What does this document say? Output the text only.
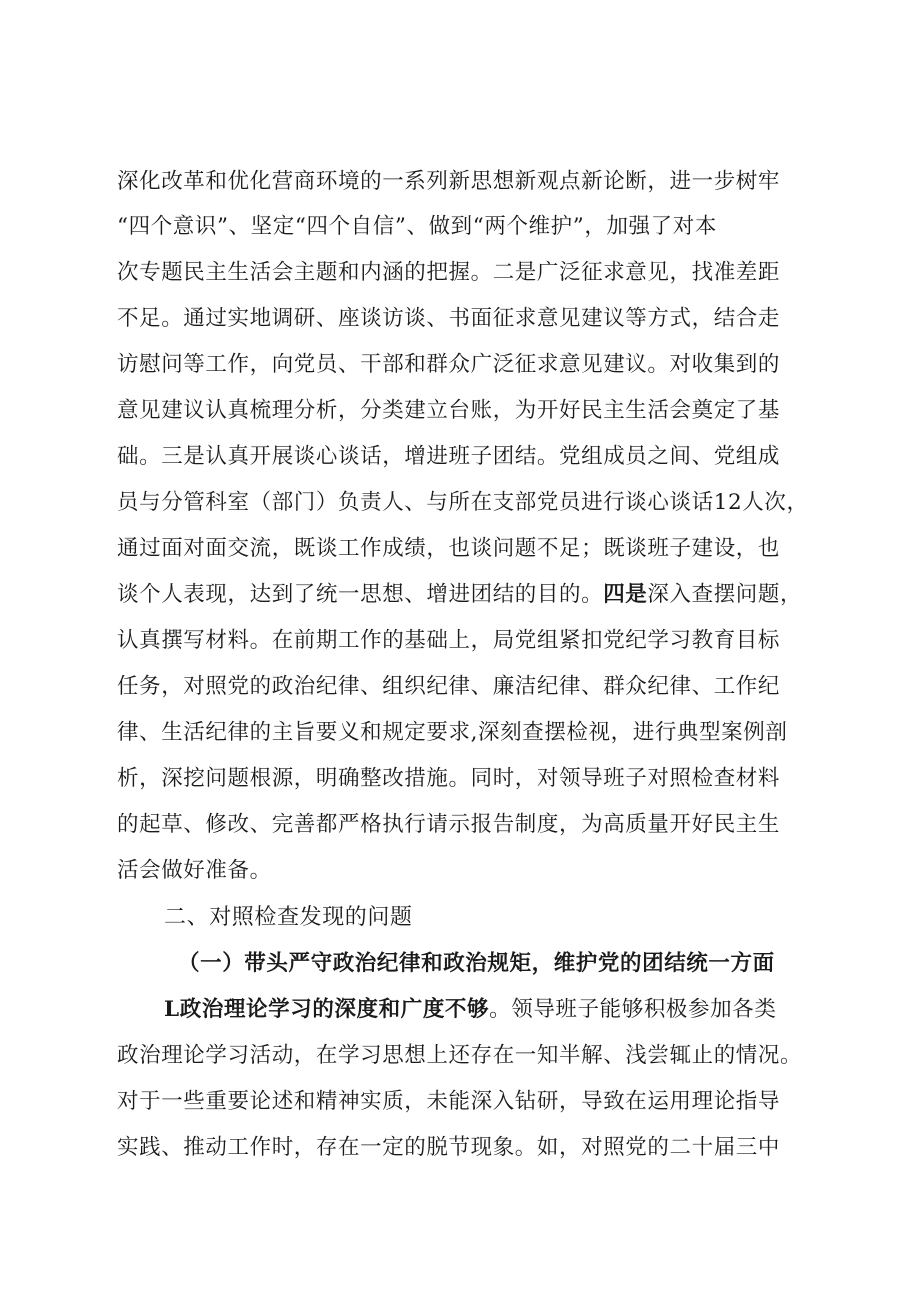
深化改革和优化营商环境的一系列新思想新观点新论断，进一步树牢
“四个意识”、坚定“四个自信”、做到“两个维护”，加强了对本
次专题民主生活会主题和内涵的把握。二是广泛征求意见，找准差距
不足。通过实地调研、座谈访谈、书面征求意见建议等方式，结合走
访慰问等工作，向党员、干部和群众广泛征求意见建议。对收集到的
意见建议认真梳理分析，分类建立台账，为开好民主生活会奠定了基
础。三是认真开展谈心谈话，增进班子团结。党组成员之间、党组成
员与分管科室（部门）负责人、与所在支部党员进行谈心谈话12人次，
通过面对面交流，既谈工作成绩，也谈问题不足；既谈班子建设，也
谈个人表现，达到了统一思想、增进团结的目的。四是深入查摆问题，
认真撰写材料。在前期工作的基础上，局党组紧扣党纪学习教育目标
任务，对照党的政治纪律、组织纪律、廉洁纪律、群众纪律、工作纪
律、生活纪律的主旨要义和规定要求,深刻查摆检视，进行典型案例剖
析，深挖问题根源，明确整改措施。同时，对领导班子对照检查材料
的起草、修改、完善都严格执行请示报告制度，为高质量开好民主生
活会做好准备。
二、对照检查发现的问题
（一）带头严守政治纪律和政治规矩，维护党的团结统一方面
L政治理论学习的深度和广度不够。领导班子能够积极参加各类
政治理论学习活动，在学习思想上还存在一知半解、浅尝辄止的情况。
对于一些重要论述和精神实质，未能深入钻研，导致在运用理论指导
实践、推动工作时，存在一定的脱节现象。如，对照党的二十届三中
